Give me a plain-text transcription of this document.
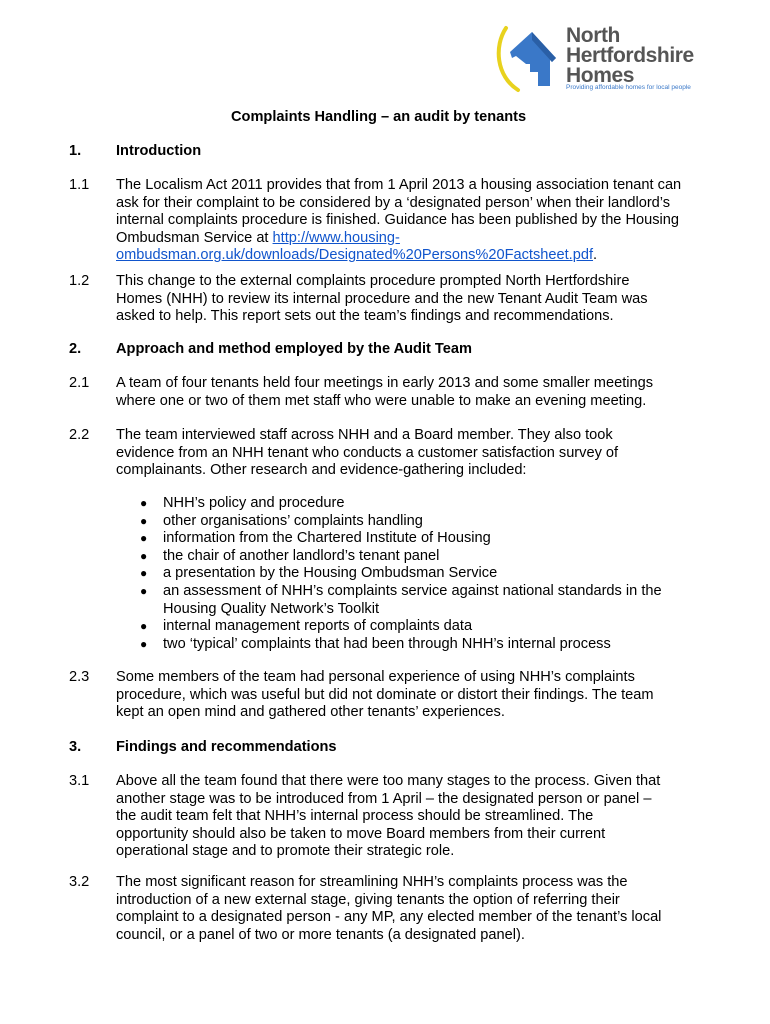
North
Hertfordshire
Homes
Providing affordable homes for local people
Complaints Handling – an audit by tenants
1. Introduction
1.1 The Localism Act 2011 provides that from 1 April 2013 a housing association tenant can
ask for their complaint to be considered by a ‘designated person’ when their landlord’s
internal complaints procedure is finished. Guidance has been published by the Housing
Ombudsman Service at http://www.housing-
ombudsman.org.uk/downloads/Designated%20Persons%20Factsheet.pdf.
1.2 This change to the external complaints procedure prompted North Hertfordshire
Homes (NHH) to review its internal procedure and the new Tenant Audit Team was
asked to help. This report sets out the team’s findings and recommendations.
2. Approach and method employed by the Audit Team
2.1 A team of four tenants held four meetings in early 2013 and some smaller meetings
where one or two of them met staff who were unable to make an evening meeting.
2.2 The team interviewed staff across NHH and a Board member. They also took
evidence from an NHH tenant who conducts a customer satisfaction survey of
complainants. Other research and evidence-gathering included:
● NHH’s policy and procedure
● other organisations’ complaints handling
● information from the Chartered Institute of Housing
● the chair of another landlord’s tenant panel
● a presentation by the Housing Ombudsman Service
● an assessment of NHH’s complaints service against national standards in the
Housing Quality Network’s Toolkit
● internal management reports of complaints data
● two ‘typical’ complaints that had been through NHH’s internal process
2.3 Some members of the team had personal experience of using NHH’s complaints
procedure, which was useful but did not dominate or distort their findings. The team
kept an open mind and gathered other tenants’ experiences.
3. Findings and recommendations
3.1 Above all the team found that there were too many stages to the process. Given that
another stage was to be introduced from 1 April – the designated person or panel –
the audit team felt that NHH’s internal process should be streamlined. The
opportunity should also be taken to move Board members from their current
operational stage and to promote their strategic role.
3.2 The most significant reason for streamlining NHH’s complaints process was the
introduction of a new external stage, giving tenants the option of referring their
complaint to a designated person - any MP, any elected member of the tenant’s local
council, or a panel of two or more tenants (a designated panel).
